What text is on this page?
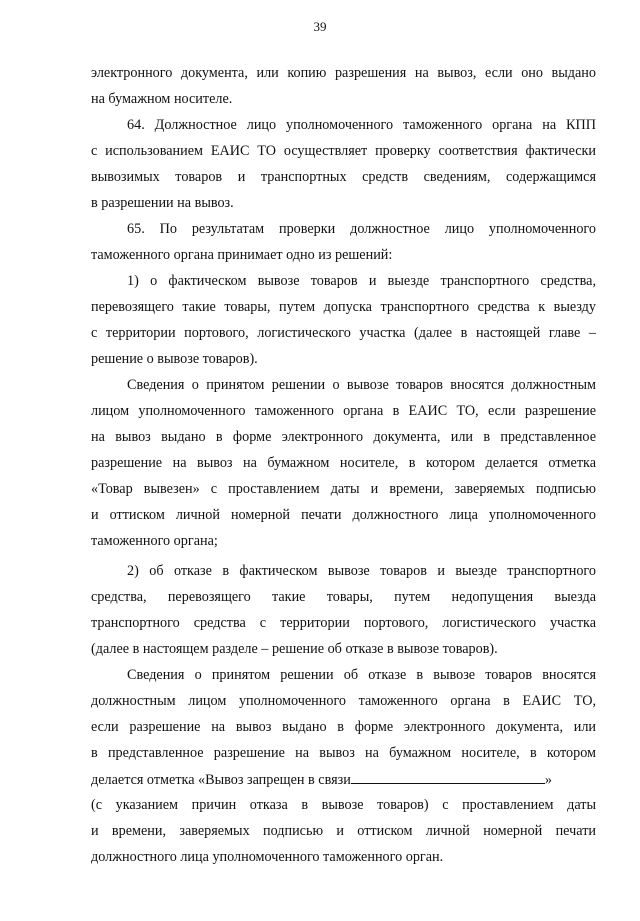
39
электронного документа, или копию разрешения на вывоз, если оно выдано
на бумажном носителе.
64. Должностное лицо уполномоченного таможенного органа на КПП
с использованием ЕАИС ТО осуществляет проверку соответствия фактически
вывозимых товаров и транспортных средств сведениям, содержащимся
в разрешении на вывоз.
65. По результатам проверки должностное лицо уполномоченного
таможенного органа принимает одно из решений:
1) о фактическом вывозе товаров и выезде транспортного средства,
перевозящего такие товары, путем допуска транспортного средства к выезду
с территории портового, логистического участка (далее в настоящей главе –
решение о вывозе товаров).
Сведения о принятом решении о вывозе товаров вносятся должностным
лицом уполномоченного таможенного органа в ЕАИС ТО, если разрешение
на вывоз выдано в форме электронного документа, или в представленное
разрешение на вывоз на бумажном носителе, в котором делается отметка
«Товар вывезен» с проставлением даты и времени, заверяемых подписью
и оттиском личной номерной печати должностного лица уполномоченного
таможенного органа;
2) об отказе в фактическом вывозе товаров и выезде транспортного
средства, перевозящего такие товары, путем недопущения выезда
транспортного средства с территории портового, логистического участка
(далее в настоящем разделе – решение об отказе в вывозе товаров).
Сведения о принятом решении об отказе в вывозе товаров вносятся
должностным лицом уполномоченного таможенного органа в ЕАИС ТО,
если разрешение на вывоз выдано в форме электронного документа, или
в представленное разрешение на вывоз на бумажном носителе, в котором
делается отметка «Вывоз запрещен в связи	»
(с указанием причин отказа в вывозе товаров) с проставлением даты
и времени, заверяемых подписью и оттиском личной номерной печати
должностного лица уполномоченного таможенного орган.
